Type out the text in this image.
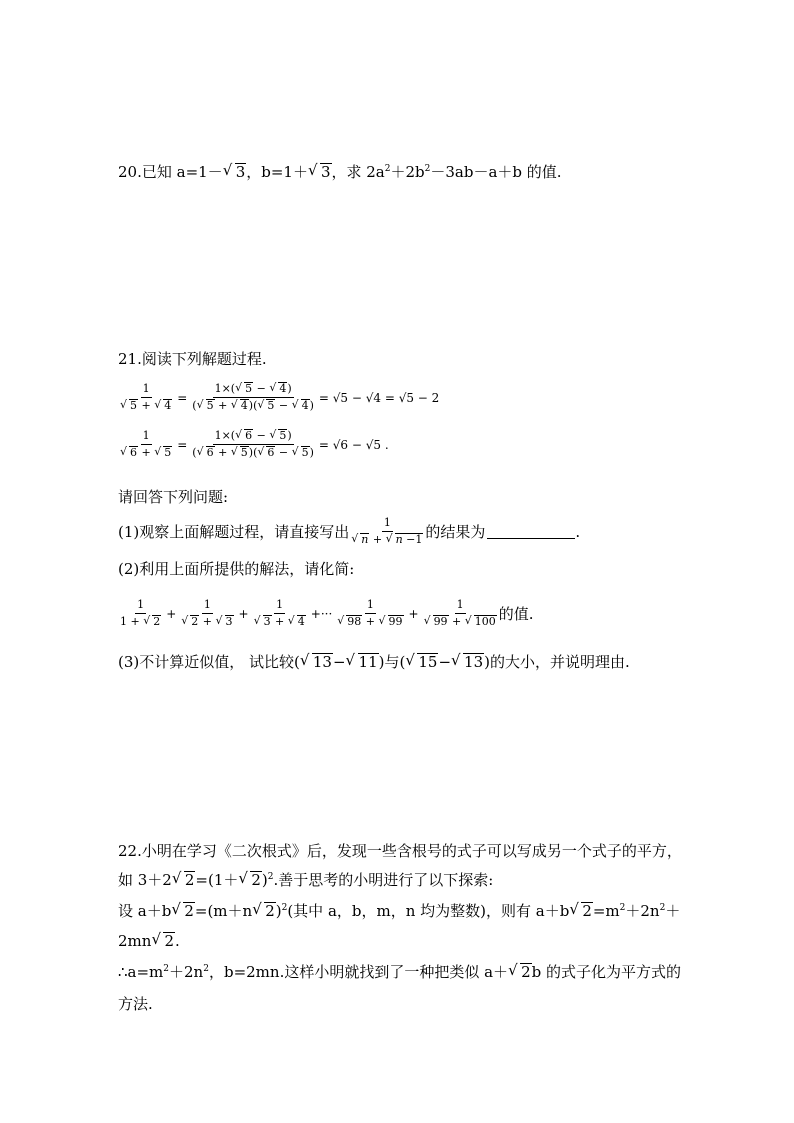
20.已知 a=1－ √ 3，b=1＋ √ 3，求 $2a^2+2b^2-3ab-a+b$ 的值.
21.阅读下列解题过程.
1
√ 5 + √ $4 = \frac{1\times( √ 5 - √ 4)}{( √ 5 + √ 4)( √ 5 - √ 4)} = √5 - √4 = √5 - 2$
1
√ 6 + √ $5 = \frac{1\times( √ 6 - √ 5)}{( √ 6 + √ 5)( √ 6 - √ 5)} = √6 - √5$ .
请回答下列问题:
(1)观察上面解题过程，请直接写出 1
√ n + √ n −1 的结果为	.
(2)利用上面所提供的解法，请化简:
$\frac{1}{1 + √ 2} + 1$
√ 2 + √ 3 + 1
√ 3 + √ 4 +··· 1
√ 98 + √ 99 + 1
√ 99 + √ 100 的值.
(3)不计算近似值， 试比较( √ 13− √ 11)与( √ 15− √ 13)的大小，并说明理由.
22.小明在学习《二次根式》后，发现一些含根号的式子可以写成另一个式子的平方，
如 3＋2 √ 2=(1＋ √ 2)$^2$.善于思考的小明进行了以下探索:
设 a＋b √ 2=(m＋n √ 2)$^2$(其中 a，b，m，n 均为整数)，则有 a＋b √ $2=m^2+2n^2+$
2mn √ 2.
$\therefore a=m^2+2n^2$，b=2mn.这样小明就找到了一种把类似 a＋ √ 2b 的式子化为平方式的
方法.
